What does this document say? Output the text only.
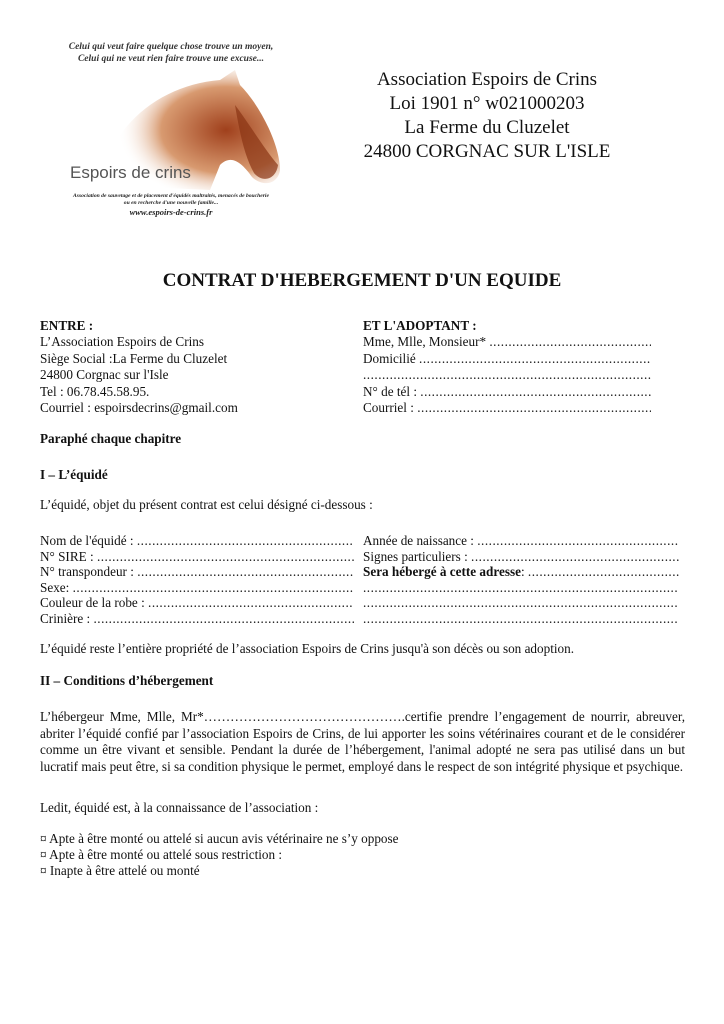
Celui qui veut faire quelque chose trouve un moyen,
Celui qui ne veut rien faire trouve une excuse...
Espoirs de crins
Association de sauvetage et de placement d'équidés maltraités, menacés de boucherie
ou en recherche d'une nouvelle famille...
www.espoirs-de-crins.fr
Association Espoirs de Crins
Loi 1901 n° w021000203
La Ferme du Cluzelet
24800 CORGNAC SUR L'ISLE
CONTRAT D'HEBERGEMENT D'UN EQUIDE
ENTRE :
L’Association Espoirs de Crins
Siège Social :La Ferme du Cluzelet
24800 Corgnac sur l'Isle
Tel : 06.78.45.58.95.
Courriel : espoirsdecrins@gmail.com
ET L'ADOPTANT :
Mme, Mlle, Monsieur*

.....
Domicilié

.....
.....
N° de tél :

.....
Courriel :

.....
Paraphé chaque chapitre
I – L’équidé
L’équidé, objet du présent contrat est celui désigné ci-dessous :
Nom de l'équidé :

.....
N° SIRE :

.....
N° transpondeur :

.....
Sexe:

.....
Couleur de la robe :

.....
Crinière :

.....
Année de naissance :

.....
Signes particuliers :

.....
Sera hébergé à cette adresse :

.....
.....
.....
.....
L’équidé reste l’entière propriété de l’association Espoirs de Crins jusqu'à son décès ou son adoption.
II – Conditions d’hébergement

L’hébergeur Mme, Mlle, Mr*……………………………………….certifie prendre l’engagement de nourrir, abreuver, abriter l’équidé confié par l’association Espoirs de Crins, de lui apporter les soins vétérinaires courant et de le considérer comme un être vivant et sensible. Pendant la durée de l’hébergement, l'animal adopté ne sera pas utilisé dans un but lucratif mais peut être, si sa condition physique le permet, employé dans le respect de son intégrité physique et psychique.

Ledit, équidé est, à la connaissance de l’association :
¤ Apte à être monté ou attelé si aucun avis vétérinaire ne s’y oppose
¤ Apte à être monté ou attelé sous restriction :
¤ Inapte à être attelé ou monté
